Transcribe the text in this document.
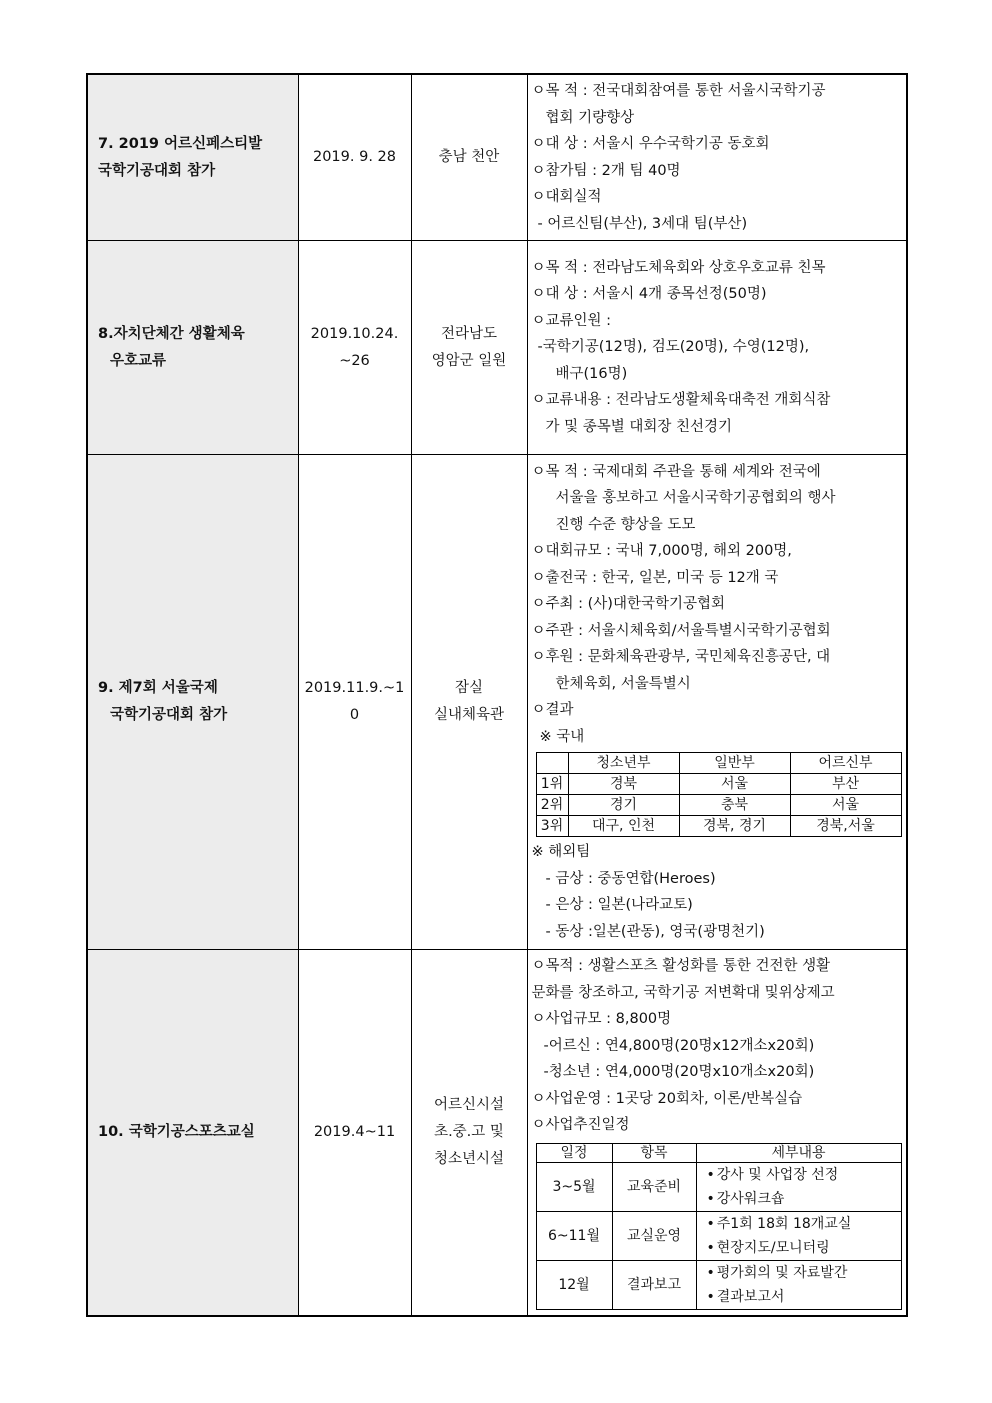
7. 2019 어르신페스티발
국학기공대회 참가

2019. 9. 28	충남 천안

ㅇ목 적 : 전국대회참여를 통한 서울시국학기공
협회 기량향상
ㅇ대 상 : 서울시 우수국학기공 동호회
ㅇ참가팀 : 2개 팀 40명
ㅇ대회실적
- 어르신팀(부산), 3세대 팀(부산)

8.자치단체간 생활체육
우호교류

2019.10.24.
~26

전라남도
영암군 일원

ㅇ목 적 : 전라남도체육회와 상호우호교류 친목
ㅇ대 상 : 서울시 4개 종목선정(50명)
ㅇ교류인원 :
-국학기공(12명), 검도(20명), 수영(12명),
배구(16명)
ㅇ교류내용 : 전라남도생활체육대축전 개회식참
가 및 종목별 대회장 친선경기

9. 제7회 서울국제
국학기공대회 참가

2019.11.9.~1
0

잠실
실내체육관

ㅇ목 적 : 국제대회 주관을 통해 세계와 전국에
서울을 홍보하고 서울시국학기공협회의 행사
진행 수준 향상을 도모
ㅇ대회규모 : 국내 7,000명, 해외 200명,
ㅇ출전국 : 한국, 일본, 미국 등 12개 국
ㅇ주최 : (사)대한국학기공협회
ㅇ주관 : 서울시체육회/서울특별시국학기공협회
ㅇ후원 : 문화체육관광부, 국민체육진흥공단, 대
한체육회, 서울특별시
ㅇ결과
※ 국내
	청소년부	일반부	어르신부
1위	경북	서울	부산
2위	경기	충북	서울
3위	대구, 인천	경북, 경기	경북,서울
※ 해외팀
- 금상 : 중동연합(Heroes)
- 은상 : 일본(나라교토)
- 동상 :일본(관동), 영국(광명천기)

10. 국학기공스포츠교실	2019.4~11

어르신시설
초.중.고 및
청소년시설

ㅇ목적 : 생활스포츠 활성화를 통한 건전한 생활
문화를 창조하고, 국학기공 저변확대 및위상제고
ㅇ사업규모 : 8,800명
-어르신 : 연4,800명(20명x12개소x20회)
-청소년 : 연4,000명(20명x10개소x20회)
ㅇ사업운영 : 1곳당 20회차, 이론/반복실습
ㅇ사업추진일정
일정	항목	세부내용
3~5월	교육준비	
• 강사 및 사업장 선정
• 강사워크숍

6~11월	교실운영	
• 주1회 18회 18개교실
• 현장지도/모니터링

12월	결과보고	
• 평가회의 및 자료발간
• 결과보고서
